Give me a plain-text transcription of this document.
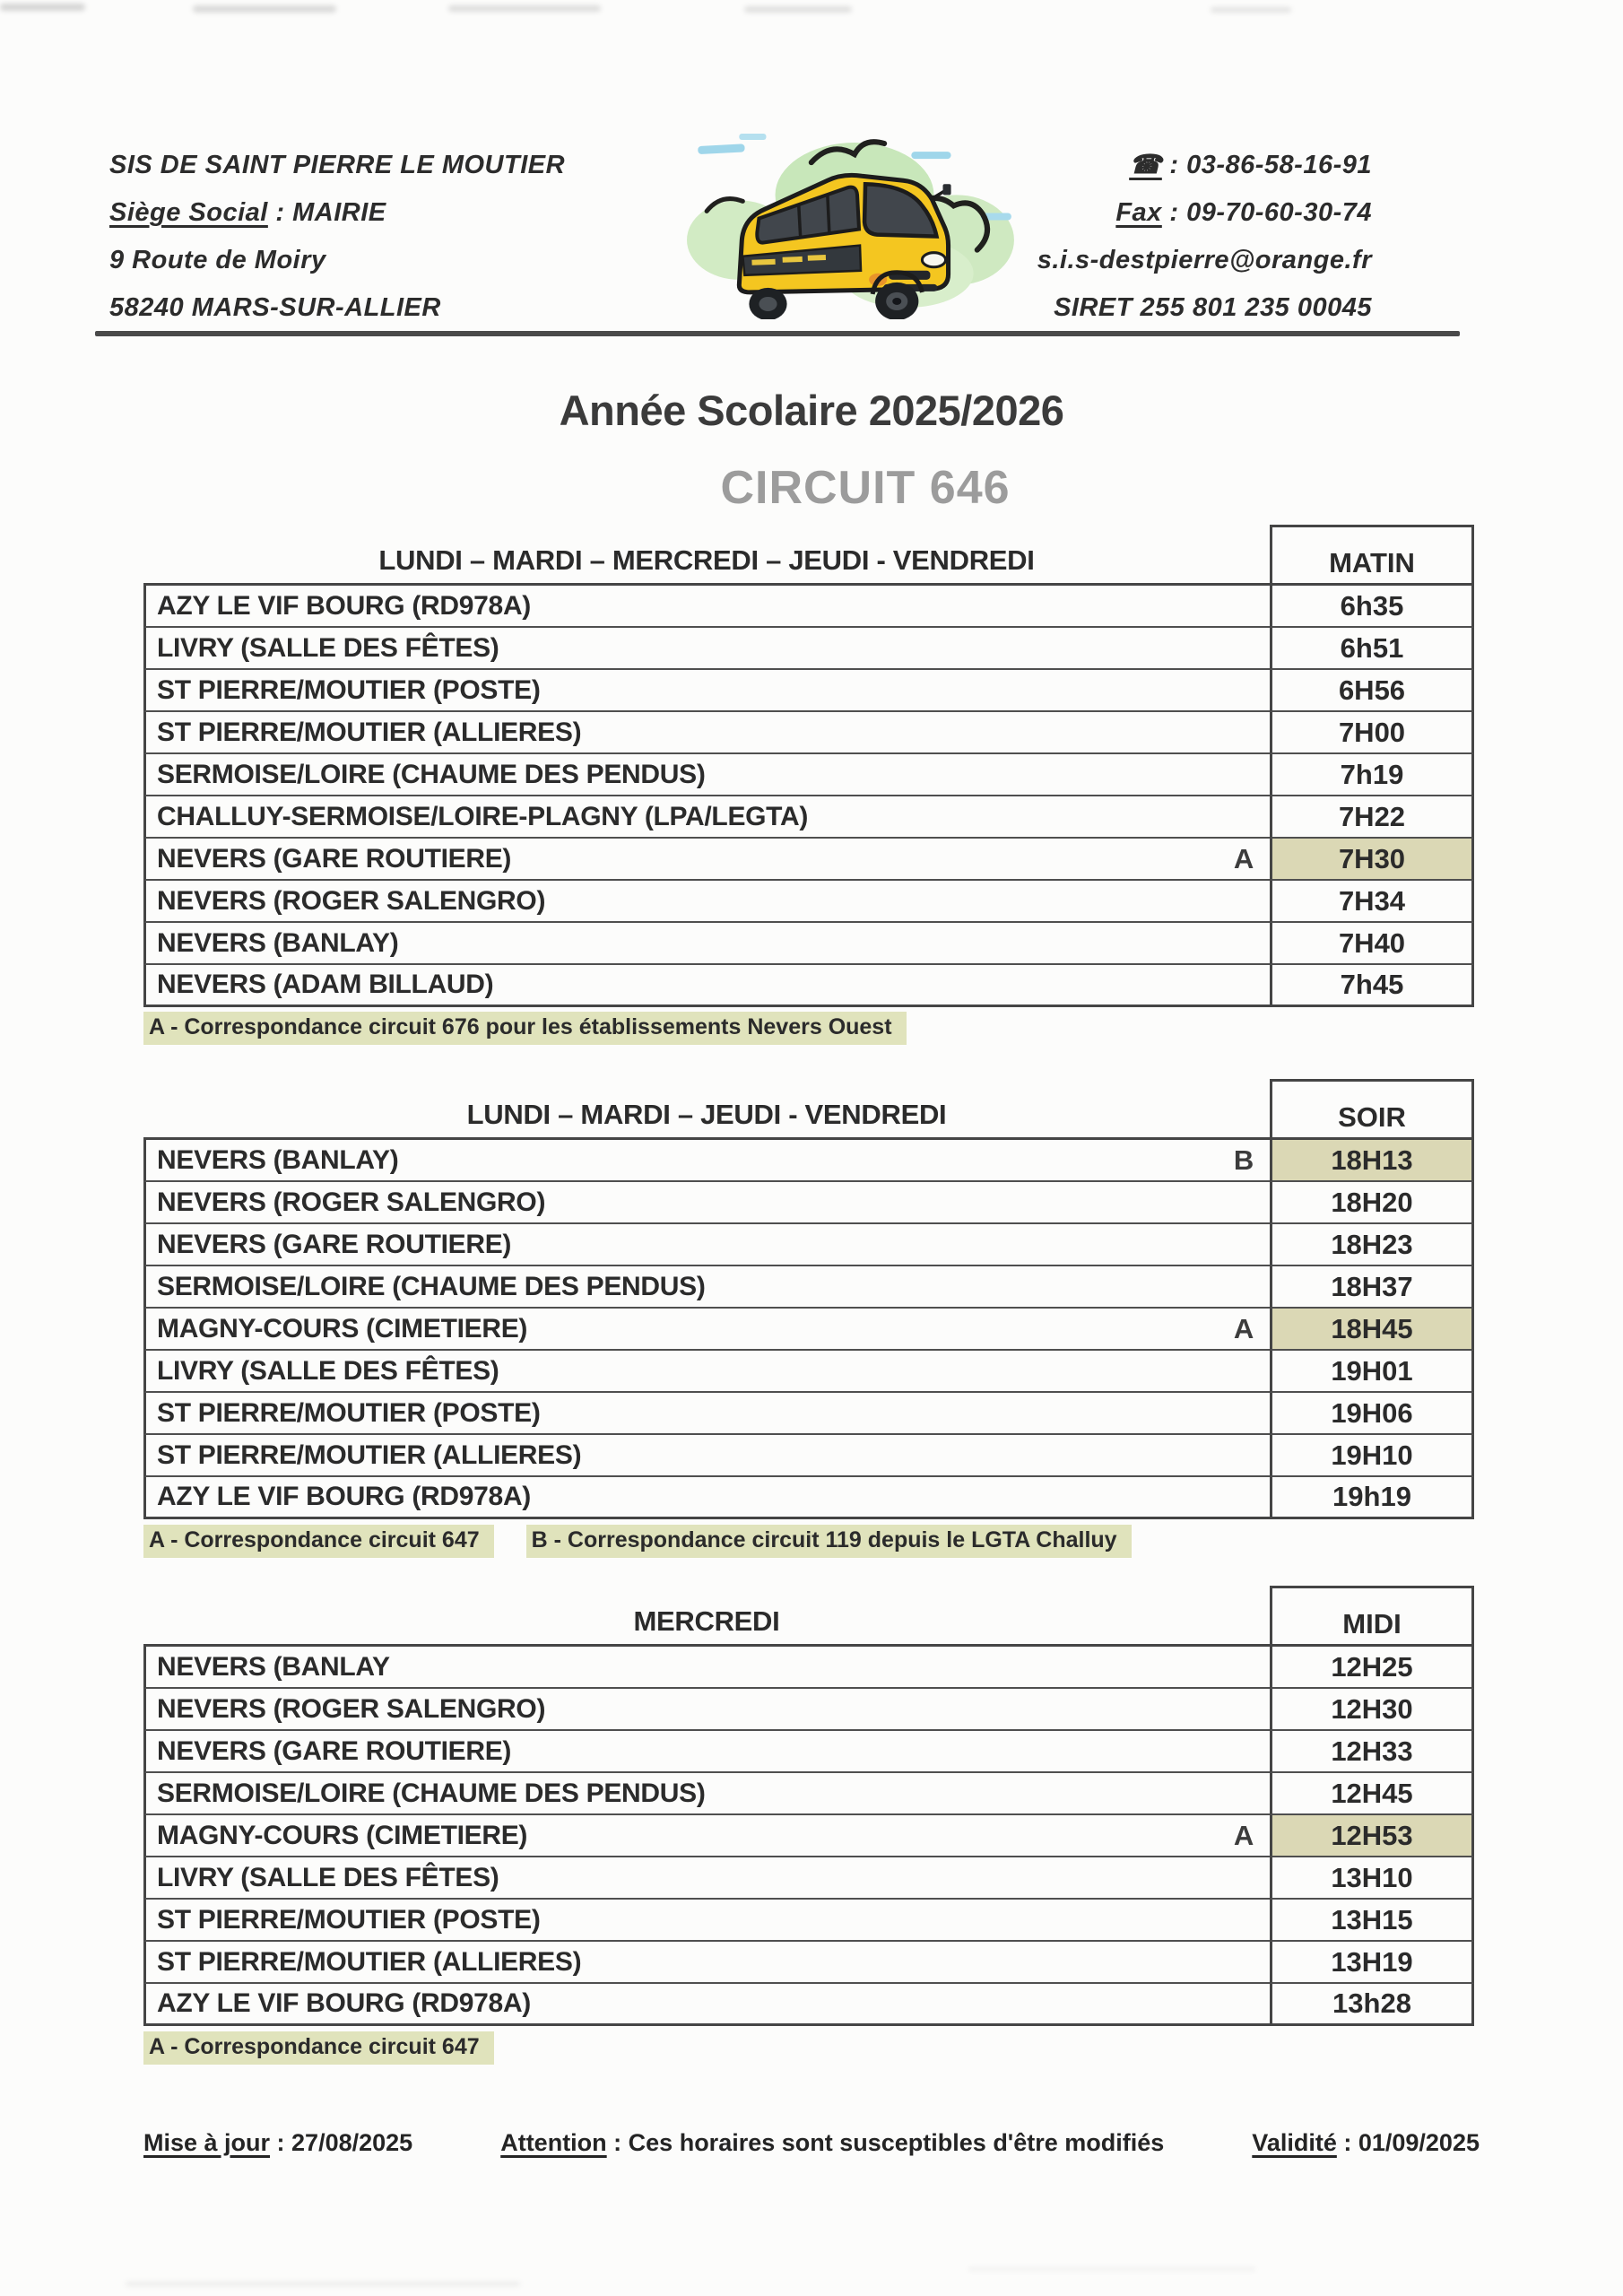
SIS DE SAINT PIERRE LE MOUTIER
Siège Social : MAIRIE
9 Route de Moiry
58240 MARS-SUR-ALLIER
☎ : 03-86-58-16-91
Fax : 09-70-60-30-74
s.i.s-destpierre@orange.fr
SIRET 255 801 235 00045
Année Scolaire 2025/2026
CIRCUIT 646
LUNDI – MARDI – MERCREDI – JEUDI - VENDREDI	MATIN
AZY LE VIF BOURG (RD978A)	6h35
LIVRY (SALLE DES FÊTES)	6h51
ST PIERRE/MOUTIER (POSTE)	6H56
ST PIERRE/MOUTIER (ALLIERES)	7H00
SERMOISE/LOIRE (CHAUME DES PENDUS)	7h19
CHALLUY-SERMOISE/LOIRE-PLAGNY (LPA/LEGTA)	7H22
NEVERS (GARE ROUTIERE)	A	7H30
NEVERS (ROGER SALENGRO)	7H34
NEVERS (BANLAY)	7H40
NEVERS (ADAM BILLAUD)	7h45
A - Correspondance circuit 676 pour les établissements Nevers Ouest
LUNDI – MARDI – JEUDI - VENDREDI	SOIR
NEVERS (BANLAY)	B	18H13
NEVERS (ROGER SALENGRO)	18H20
NEVERS (GARE ROUTIERE)	18H23
SERMOISE/LOIRE (CHAUME DES PENDUS)	18H37
MAGNY-COURS (CIMETIERE)	A	18H45
LIVRY (SALLE DES FÊTES)	19H01
ST PIERRE/MOUTIER (POSTE)	19H06
ST PIERRE/MOUTIER (ALLIERES)	19H10
AZY LE VIF BOURG (RD978A)	19h19
A - Correspondance circuit 647	B - Correspondance circuit 119 depuis le LGTA Challuy
MERCREDI	MIDI
NEVERS (BANLAY	12H25
NEVERS (ROGER SALENGRO)	12H30
NEVERS (GARE ROUTIERE)	12H33
SERMOISE/LOIRE (CHAUME DES PENDUS)	12H45
MAGNY-COURS (CIMETIERE)	A	12H53
LIVRY (SALLE DES FÊTES)	13H10
ST PIERRE/MOUTIER (POSTE)	13H15
ST PIERRE/MOUTIER (ALLIERES)	13H19
AZY LE VIF BOURG (RD978A)	13h28
A - Correspondance circuit 647
Mise à jour : 27/08/2025	Attention : Ces horaires sont susceptibles d'être modifiés	Validité : 01/09/2025
